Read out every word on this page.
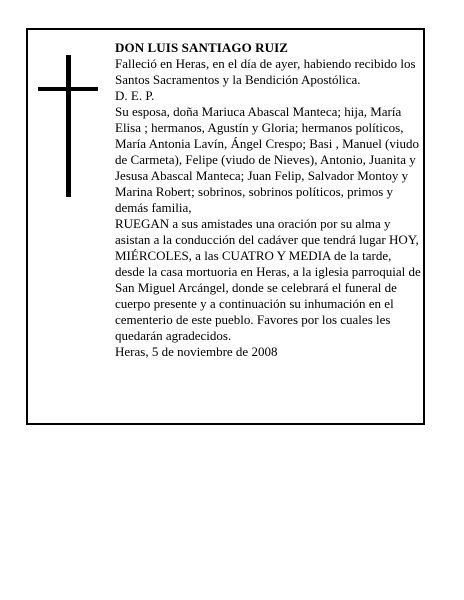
DON LUIS SANTIAGO RUIZ

Falleció en Heras, en el día de ayer, habiendo recibido los Santos Sacramentos y la Bendición Apostólica.

D. E. P.

Su esposa, doña Mariuca Abascal Manteca; hija, María Elisa ; hermanos, Agustín y Gloria; hermanos políticos, María Antonia Lavín, Ángel Crespo; Basi , Manuel (viudo de Carmeta), Felipe (viudo de Nieves), Antonio, Juanita y Jesusa Abascal Manteca; Juan Felip, Salvador Montoy y Marina Robert; sobrinos, sobrinos políticos, primos y demás familia,

RUEGAN a sus amistades una oración por su alma y asistan a la conducción del cadáver que tendrá lugar HOY, MIÉRCOLES, a las CUATRO Y MEDIA de la tarde, desde la casa mortuoria en Heras, a la iglesia parroquial de San Miguel Arcángel, donde se celebrará el funeral de cuerpo presente y a continuación su inhumación en el cementerio de este pueblo. Favores por los cuales les quedarán agradecidos.

Heras, 5 de noviembre de 2008
